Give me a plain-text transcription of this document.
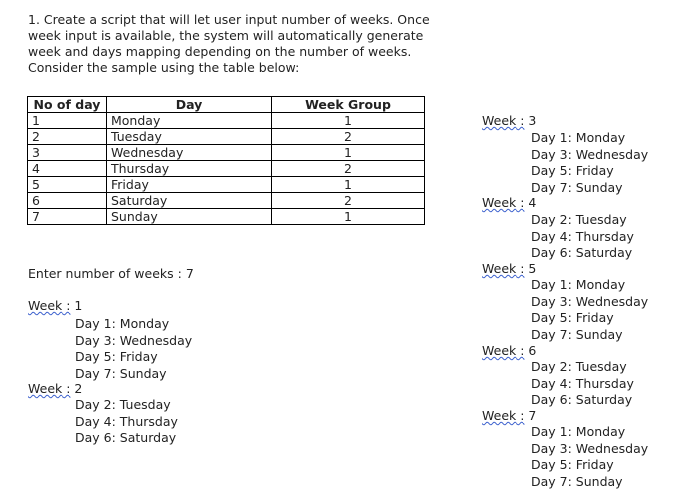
1. Create a script that will let user input number of weeks. Once week input is available, the system will automatically generate week and days mapping depending on the number of weeks. Consider the sample using the table below:
No of day	Day	Week Group
1	Monday	1
2	Tuesday	2
3	Wednesday	1
4	Thursday	2
5	Friday	1
6	Saturday	2
7	Sunday	1
Enter number of weeks : 7
Week : 1
Day 1: Monday
Day 3: Wednesday
Day 5: Friday
Day 7: Sunday
Week : 2
Day 2: Tuesday
Day 4: Thursday
Day 6: Saturday
Week : 3
Day 1: Monday
Day 3: Wednesday
Day 5: Friday
Day 7: Sunday
Week : 4
Day 2: Tuesday
Day 4: Thursday
Day 6: Saturday
Week : 5
Day 1: Monday
Day 3: Wednesday
Day 5: Friday
Day 7: Sunday
Week : 6
Day 2: Tuesday
Day 4: Thursday
Day 6: Saturday
Week : 7
Day 1: Monday
Day 3: Wednesday
Day 5: Friday
Day 7: Sunday
